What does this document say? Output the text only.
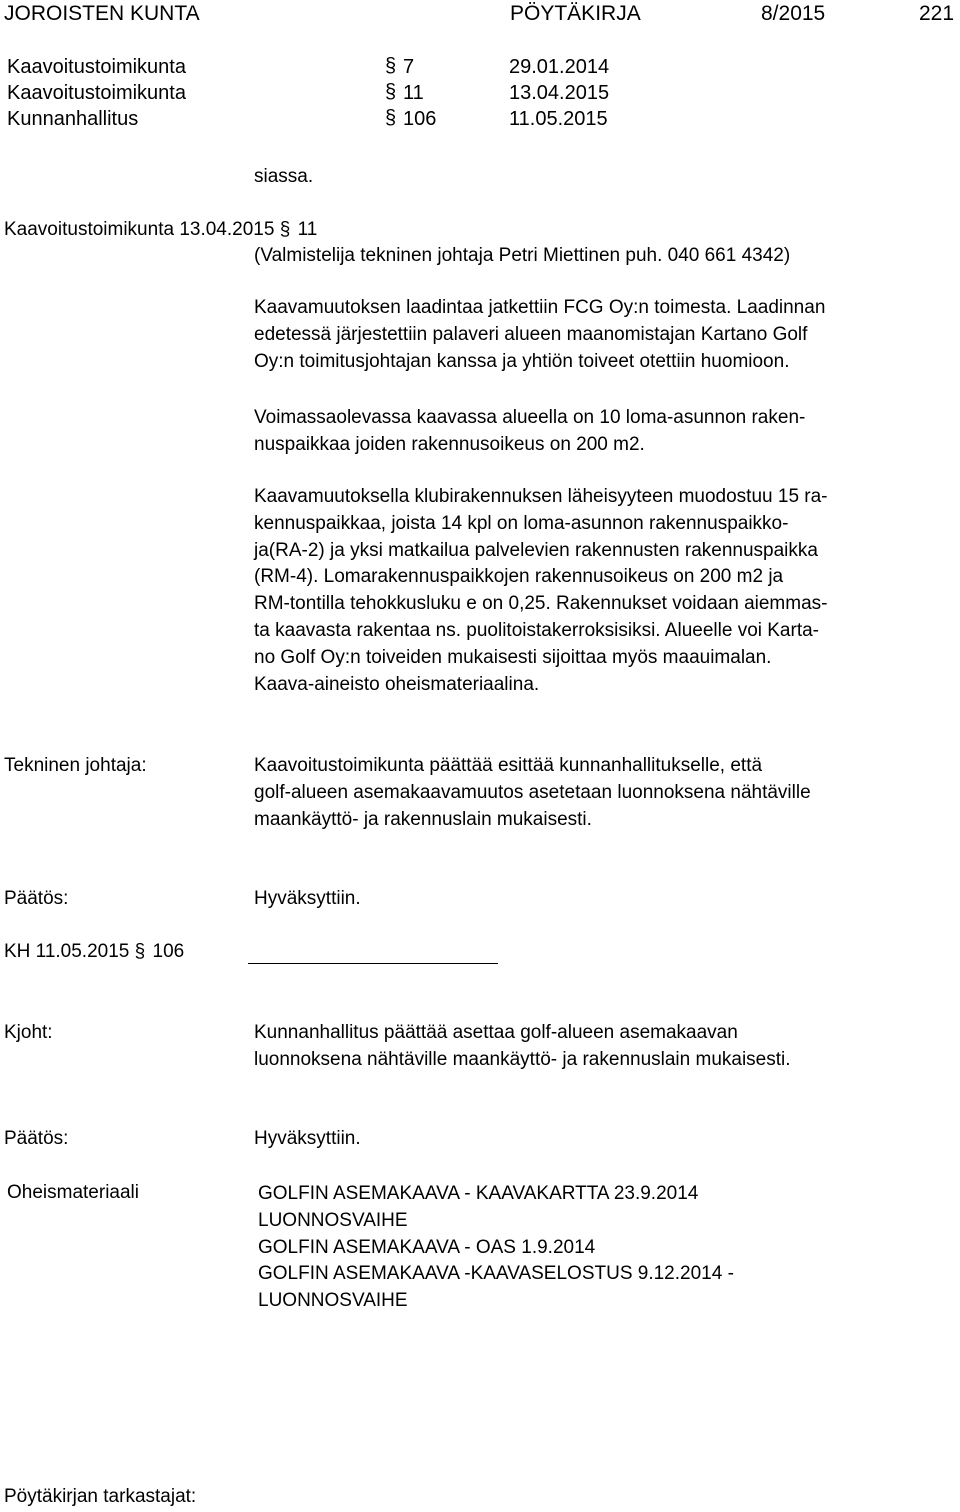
JOROISTEN KUNTA	PÖYTÄKIRJA	8/2015	221
Kaavoitustoimikunta	§ 7	29.01.2014
Kaavoitustoimikunta	§ 11	13.04.2015
Kunnanhallitus	§ 106	11.05.2015
siassa.
Kaavoitustoimikunta 13.04.2015 § 11
(Valmistelija tekninen johtaja Petri Miettinen puh. 040 661 4342)

Kaavamuutoksen laadintaa jatkettiin FCG Oy:n toimesta. Laadinnan

edetessä järjestettiin palaveri alueen maanomistajan Kartano Golf

Oy:n toimitusjohtajan kanssa ja yhtiön toiveet otettiin huomioon.

Voimassaolevassa kaavassa alueella on 10 loma-asunnon raken-

nuspaikkaa joiden rakennusoikeus on 200 m2.

Kaavamuutoksella klubirakennuksen läheisyyteen muodostuu 15 ra-

kennuspaikkaa, joista 14 kpl on loma-asunnon rakennuspaikko-

ja(RA-2) ja yksi matkailua palvelevien rakennusten rakennuspaikka

(RM-4). Lomarakennuspaikkojen rakennusoikeus on 200 m2 ja

RM-tontilla tehokkusluku e on 0,25. Rakennukset voidaan aiemmas-

ta kaavasta rakentaa ns. puolitoistakerroksisiksi. Alueelle voi Karta-

no Golf Oy:n toiveiden mukaisesti sijoittaa myös maauimalan.

Kaava-aineisto oheismateriaalina.

Tekninen johtaja:	Kaavoitustoimikunta päättää esittää kunnanhallitukselle, että

golf-alueen asemakaavamuutos asetetaan luonnoksena nähtäville

maankäyttö- ja rakennuslain mukaisesti.

Päätös:	Hyväksyttiin.
KH 11.05.2015 § 106
Kjoht:	Kunnanhallitus päättää asettaa golf-alueen asemakaavan

luonnoksena nähtäville maankäyttö- ja rakennuslain mukaisesti.

Päätös:	Hyväksyttiin.
Oheismateriaali	GOLFIN ASEMAKAAVA - KAAVAKARTTA 23.9.2014
LUONNOSVAIHE
GOLFIN ASEMAKAAVA - OAS 1.9.2014
GOLFIN ASEMAKAAVA -KAAVASELOSTUS 9.12.2014 -
LUONNOSVAIHE
Pöytäkirjan tarkastajat:
